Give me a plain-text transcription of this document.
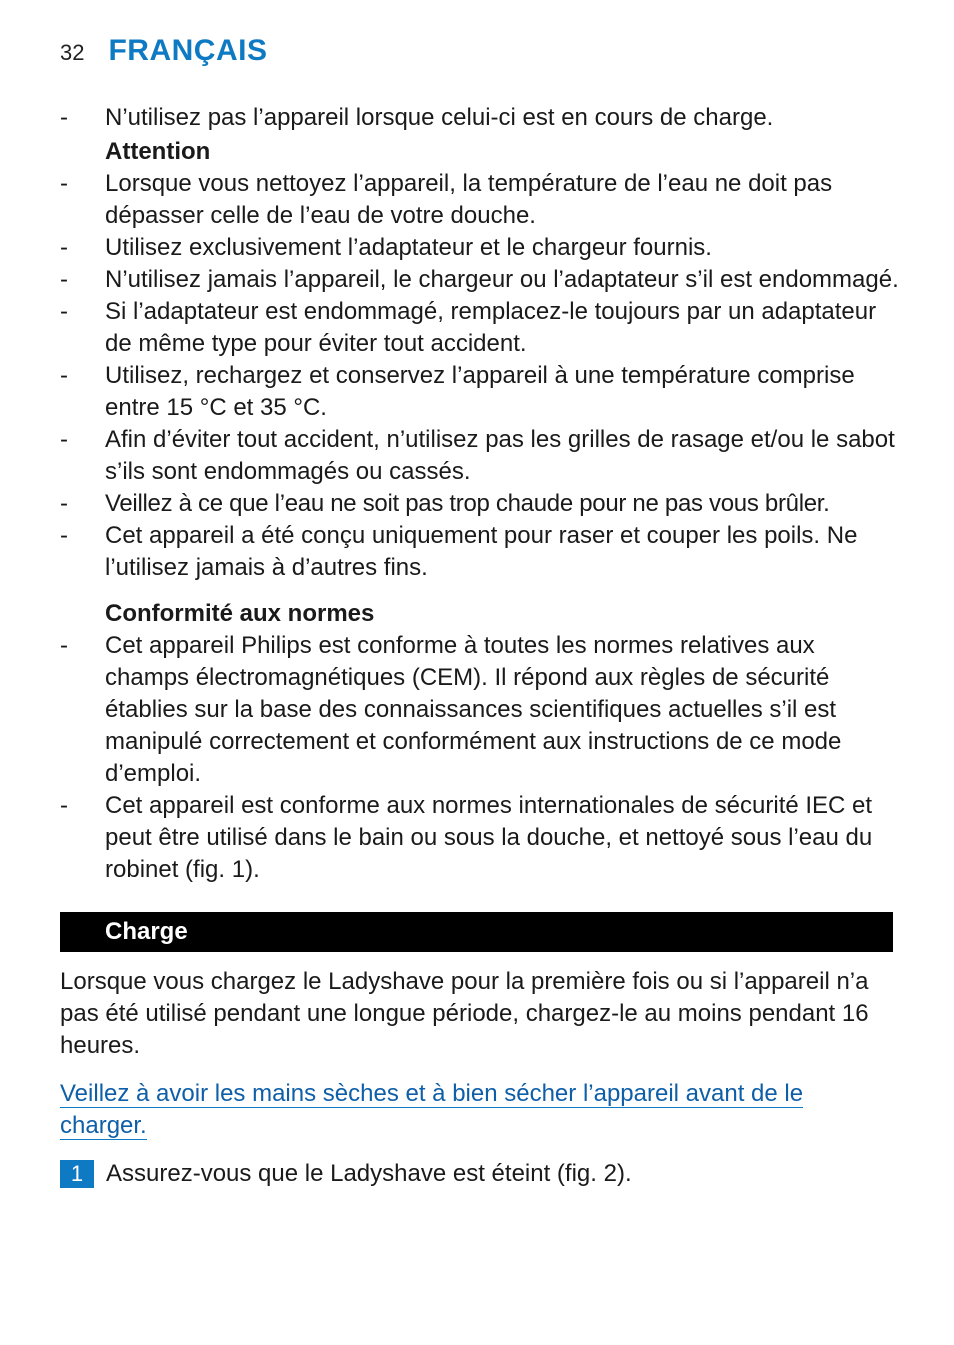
32 FRANÇAIS
- N’utilisez pas l’appareil lorsque celui-ci est en cours de charge.
Attention
- Lorsque vous nettoyez l’appareil, la température de l’eau ne doit pas dépasser celle de l’eau de votre douche.
- Utilisez exclusivement l’adaptateur et le chargeur fournis.
- N’utilisez jamais l’appareil, le chargeur ou l’adaptateur s’il est endommagé.
- Si l’adaptateur est endommagé, remplacez-le toujours par un adaptateur de même type pour éviter tout accident.
- Utilisez, rechargez et conservez l’appareil à une température comprise entre 15 °C et 35 °C.
- Afin d’éviter tout accident, n’utilisez pas les grilles de rasage et/ou le sabot s’ils sont endommagés ou cassés.
- Veillez à ce que l’eau ne soit pas trop chaude pour ne pas vous brûler.
- Cet appareil a été conçu uniquement pour raser et couper les poils. Ne l’utilisez jamais à d’autres fins.
Conformité aux normes
- Cet appareil Philips est conforme à toutes les normes relatives aux champs électromagnétiques (CEM). Il répond aux règles de sécurité établies sur la base des connaissances scientifiques actuelles s’il est manipulé correctement et conformément aux instructions de ce mode d’emploi.
- Cet appareil est conforme aux normes internationales de sécurité IEC et peut être utilisé dans le bain ou sous la douche, et nettoyé sous l’eau du robinet (fig. 1).
Charge
Lorsque vous chargez le Ladyshave pour la première fois ou si l’appareil n’a pas été utilisé pendant une longue période, chargez-le au moins pendant 16 heures.
Veillez à avoir les mains sèches et à bien sécher l’appareil avant de le charger.
1 Assurez-vous que le Ladyshave est éteint (fig. 2).
